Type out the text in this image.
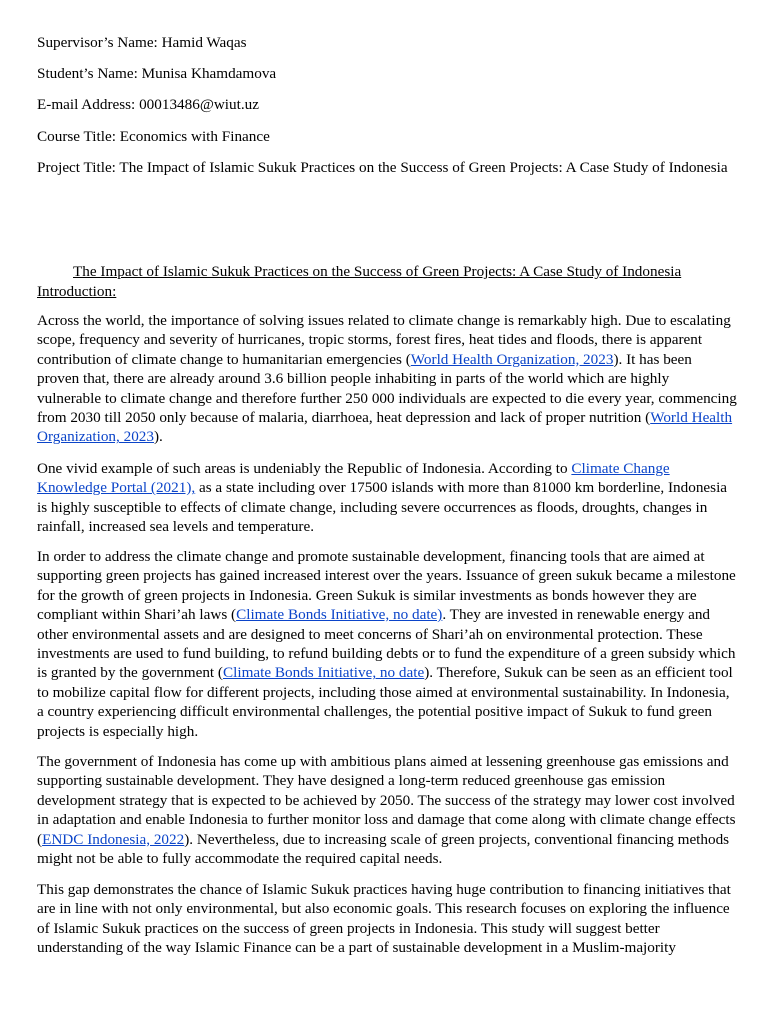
Supervisor’s Name: Hamid Waqas

Student’s Name: Munisa Khamdamova

E-mail Address: 00013486@wiut.uz

Course Title: Economics with Finance

Project Title: The Impact of Islamic Sukuk Practices on the Success of Green Projects: A Case Study of Indonesia

The Impact of Islamic Sukuk Practices on the Success of Green Projects: A Case Study of Indonesia

Introduction:

Across the world, the importance of solving issues related to climate change is remarkably high. Due to escalating scope, frequency and severity of hurricanes, tropic storms, forest fires, heat tides and floods, there is apparent contribution of climate change to humanitarian emergencies (World Health Organization, 2023). It has been proven that, there are already around 3.6 billion people inhabiting in parts of the world which are highly vulnerable to climate change and therefore further 250 000 individuals are expected to die every year, commencing from 2030 till 2050 only because of malaria, diarrhoea, heat depression and lack of proper nutrition (World Health Organization, 2023).

One vivid example of such areas is undeniably the Republic of Indonesia. According to Climate Change Knowledge Portal (2021), as a state including over 17500 islands with more than 81000 km borderline, Indonesia is highly susceptible to effects of climate change, including severe occurrences as floods, droughts, changes in rainfall, increased sea levels and temperature.

In order to address the climate change and promote sustainable development, financing tools that are aimed at supporting green projects has gained increased interest over the years. Issuance of green sukuk became a milestone for the growth of green projects in Indonesia. Green Sukuk is similar investments as bonds however they are compliant within Shari’ah laws (Climate Bonds Initiative, no date). They are invested in renewable energy and other environmental assets and are designed to meet concerns of Shari’ah on environmental protection. These investments are used to fund building, to refund building debts or to fund the expenditure of a green subsidy which is granted by the government (Climate Bonds Initiative, no date). Therefore, Sukuk can be seen as an efficient tool to mobilize capital flow for different projects, including those aimed at environmental sustainability. In Indonesia, a country experiencing difficult environmental challenges, the potential positive impact of Sukuk to fund green projects is especially high.

The government of Indonesia has come up with ambitious plans aimed at lessening greenhouse gas emissions and supporting sustainable development. They have designed a long-term reduced greenhouse gas emission development strategy that is expected to be achieved by 2050. The success of the strategy may lower cost involved in adaptation and enable Indonesia to further monitor loss and damage that come along with climate change effects (ENDC Indonesia, 2022). Nevertheless, due to increasing scale of green projects, conventional financing methods might not be able to fully accommodate the required capital needs.

This gap demonstrates the chance of Islamic Sukuk practices having huge contribution to financing initiatives that are in line with not only environmental, but also economic goals. This research focuses on exploring the influence of Islamic Sukuk practices on the success of green projects in Indonesia. This study will suggest better understanding of the way Islamic Finance can be a part of sustainable development in a Muslim-majority
